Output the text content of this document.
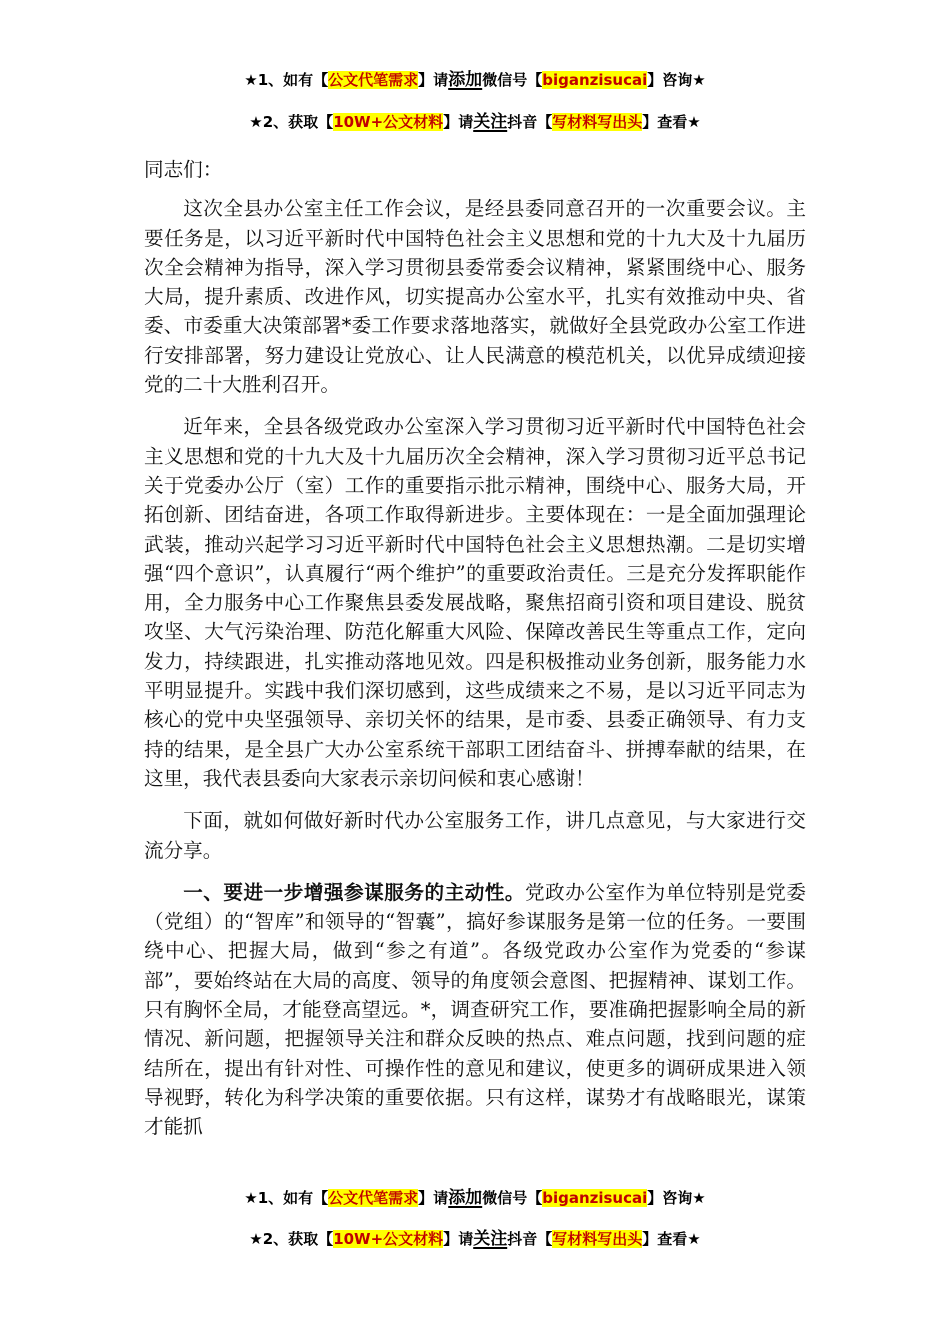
★1、如有【公文代笔需求】请添加微信号【biganzisucai】咨询★
★2、获取【10W+公文材料】请关注抖音【写材料写出头】查看★

同志们：

这次全县办公室主任工作会议，是经县委同意召开的一次重要会议。主要任务是，以习近平新时代中国特色社会主义思想和党的十九大及十九届历次全会精神为指导，深入学习贯彻县委常委会议精神，紧紧围绕中心、服务大局，提升素质、改进作风，切实提高办公室水平，扎实有效推动中央、省委、市委重大决策部署*委工作要求落地落实，就做好全县党政办公室工作进行安排部署，努力建设让党放心、让人民满意的模范机关，以优异成绩迎接党的二十大胜利召开。

近年来，全县各级党政办公室深入学习贯彻习近平新时代中国特色社会主义思想和党的十九大及十九届历次全会精神，深入学习贯彻习近平总书记关于党委办公厅（室）工作的重要指示批示精神，围绕中心、服务大局，开拓创新、团结奋进，各项工作取得新进步。主要体现在：一是全面加强理论武装，推动兴起学习习近平新时代中国特色社会主义思想热潮。二是切实增强“四个意识”，认真履行“两个维护”的重要政治责任。三是充分发挥职能作用，全力服务中心工作聚焦县委发展战略，聚焦招商引资和项目建设、脱贫攻坚、大气污染治理、防范化解重大风险、保障改善民生等重点工作，定向发力，持续跟进，扎实推动落地见效。四是积极推动业务创新，服务能力水平明显提升。实践中我们深切感到，这些成绩来之不易，是以习近平同志为核心的党中央坚强领导、亲切关怀的结果，是市委、县委正确领导、有力支持的结果，是全县广大办公室系统干部职工团结奋斗、拼搏奉献的结果，在这里，我代表县委向大家表示亲切问候和衷心感谢！

下面，就如何做好新时代办公室服务工作，讲几点意见，与大家进行交流分享。

一、要进一步增强参谋服务的主动性。党政办公室作为单位特别是党委（党组）的“智库”和领导的“智囊”，搞好参谋服务是第一位的任务。一要围绕中心、把握大局，做到“参之有道”。各级党政办公室作为党委的“参谋部”，要始终站在大局的高度、领导的角度领会意图、把握精神、谋划工作。只有胸怀全局，才能登高望远。*，调查研究工作，要准确把握影响全局的新情况、新问题，把握领导关注和群众反映的热点、难点问题，找到问题的症结所在，提出有针对性、可操作性的意见和建议，使更多的调研成果进入领导视野，转化为科学决策的重要依据。只有这样，谋势才有战略眼光，谋策才能抓

★1、如有【公文代笔需求】请添加微信号【biganzisucai】咨询★
★2、获取【10W+公文材料】请关注抖音【写材料写出头】查看★
